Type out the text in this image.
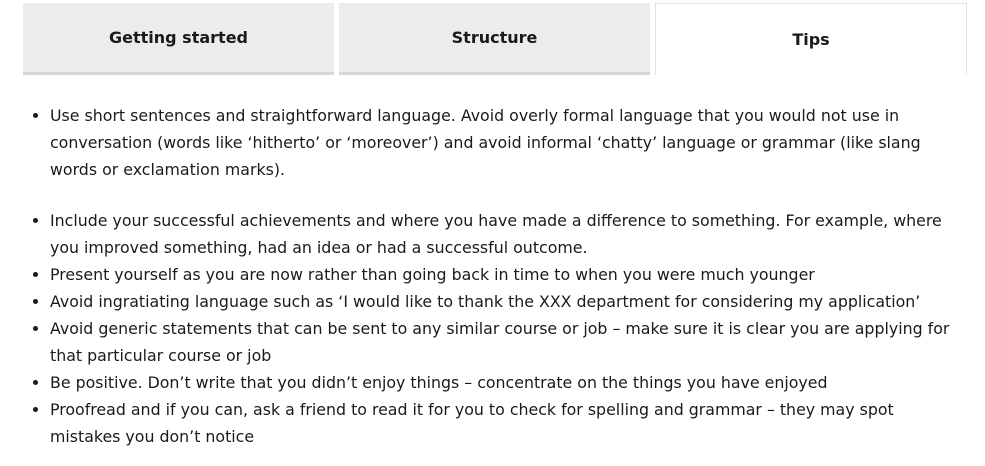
Getting started	Structure	Tips
• Use short sentences and straightforward language. Avoid overly formal language that you would not use in conversation (words like ‘hitherto’ or ‘moreover’) and avoid informal ‘chatty’ language or grammar (like slang words or exclamation marks).
• Include your successful achievements and where you have made a difference to something. For example, where you improved something, had an idea or had a successful outcome.
• Present yourself as you are now rather than going back in time to when you were much younger
• Avoid ingratiating language such as ‘I would like to thank the XXX department for considering my application’
• Avoid generic statements that can be sent to any similar course or job – make sure it is clear you are applying for that particular course or job
• Be positive. Don’t write that you didn’t enjoy things – concentrate on the things you have enjoyed
• Proofread and if you can, ask a friend to read it for you to check for spelling and grammar – they may spot mistakes you don’t notice
